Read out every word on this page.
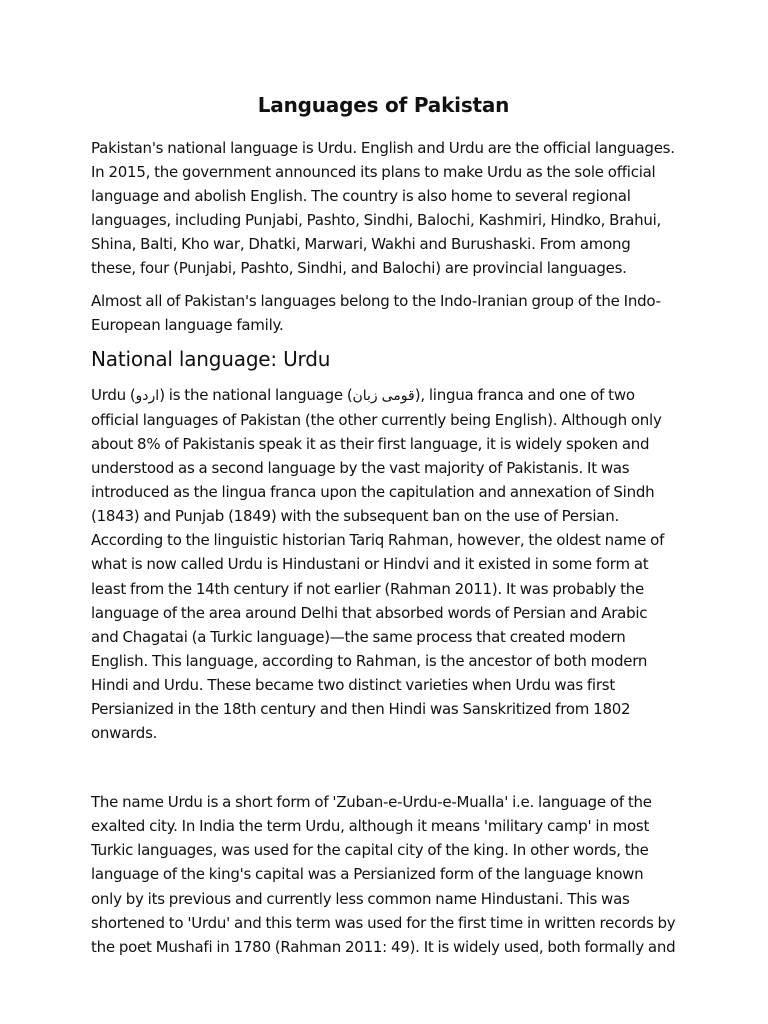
Languages of Pakistan

Pakistan's national language is Urdu. English and Urdu are the official languages. In 2015, the government announced its plans to make Urdu as the sole official language and abolish English. The country is also home to several regional languages, including Punjabi, Pashto, Sindhi, Balochi, Kashmiri, Hindko, Brahui, Shina, Balti, Kho war, Dhatki, Marwari, Wakhi and Burushaski. From among these, four (Punjabi, Pashto, Sindhi, and Balochi) are provincial languages.

Almost all of Pakistan's languages belong to the Indo-Iranian group of the Indo-European language family.

National language: Urdu

Urdu (اردو) is the national language (قومی زبان), lingua franca and one of two official languages of Pakistan (the other currently being English). Although only about 8% of Pakistanis speak it as their first language, it is widely spoken and understood as a second language by the vast majority of Pakistanis. It was introduced as the lingua franca upon the capitulation and annexation of Sindh (1843) and Punjab (1849) with the subsequent ban on the use of Persian. According to the linguistic historian Tariq Rahman, however, the oldest name of what is now called Urdu is Hindustani or Hindvi and it existed in some form at least from the 14th century if not earlier (Rahman 2011). It was probably the language of the area around Delhi that absorbed words of Persian and Arabic and Chagatai (a Turkic language)—the same process that created modern English. This language, according to Rahman, is the ancestor of both modern Hindi and Urdu. These became two distinct varieties when Urdu was first Persianized in the 18th century and then Hindi was Sanskritized from 1802 onwards.

The name Urdu is a short form of 'Zuban-e-Urdu-e-Mualla' i.e. language of the exalted city. In India the term Urdu, although it means 'military camp' in most Turkic languages, was used for the capital city of the king. In other words, the language of the king's capital was a Persianized form of the language known only by its previous and currently less common name Hindustani. This was shortened to 'Urdu' and this term was used for the first time in written records by the poet Mushafi in 1780 (Rahman 2011: 49). It is widely used, both formally and
